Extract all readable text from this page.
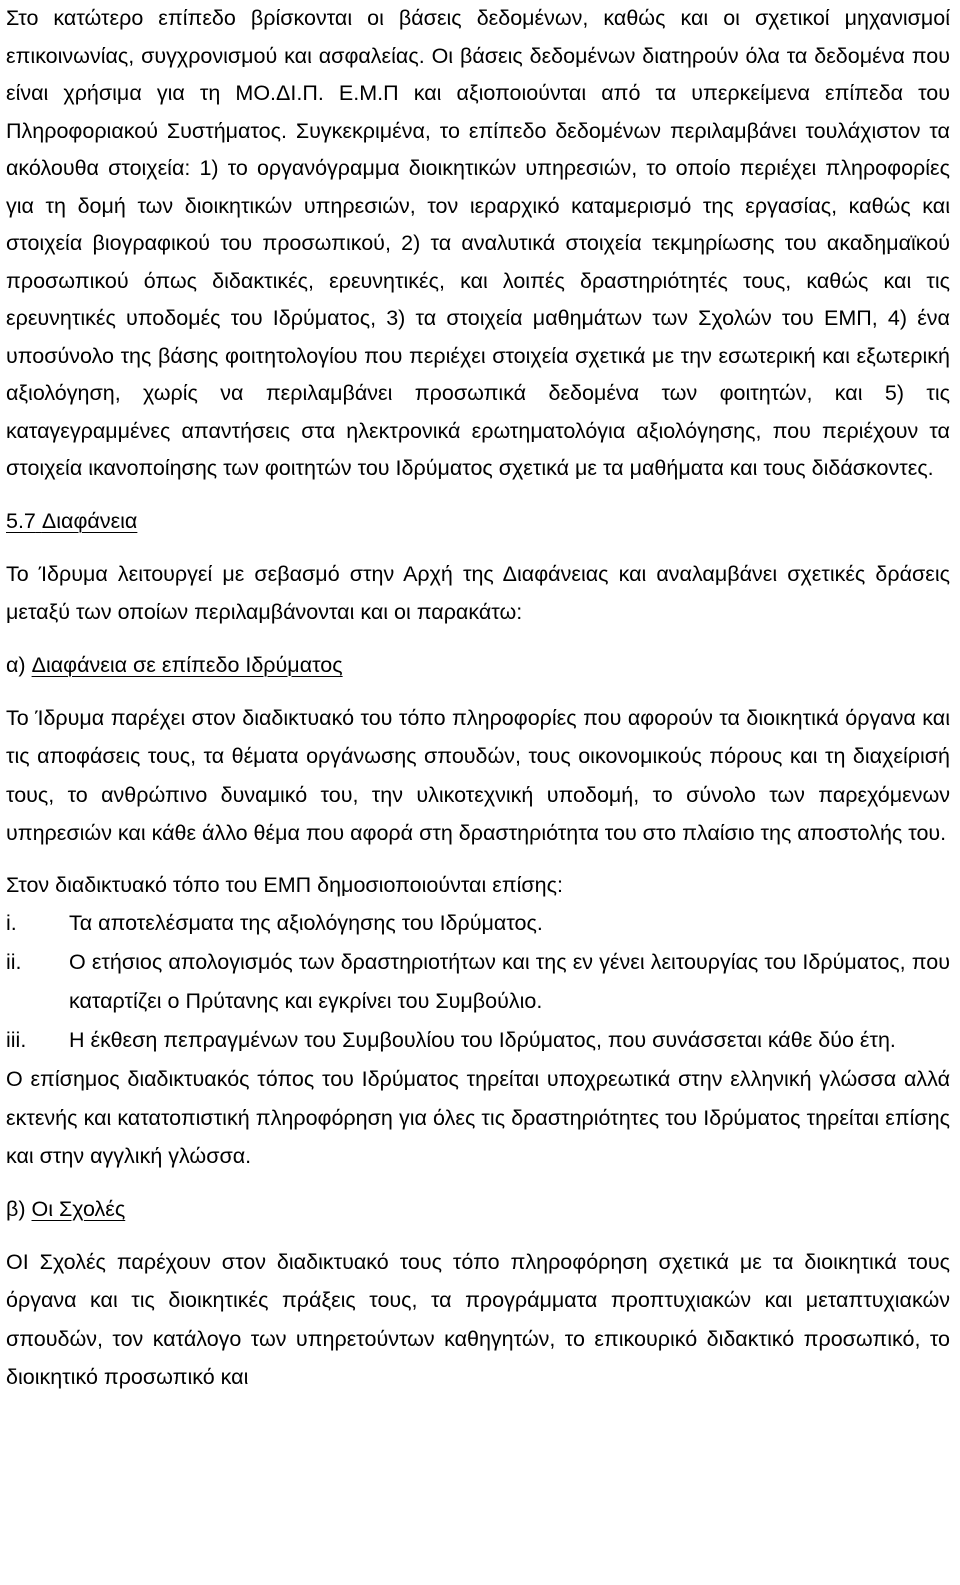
Στο κατώτερο επίπεδο βρίσκονται οι βάσεις δεδομένων, καθώς και οι σχετικοί μηχανισμοί επικοινωνίας, συγχρονισμού και ασφαλείας. Οι βάσεις δεδομένων διατηρούν όλα τα δεδομένα που είναι χρήσιμα για τη ΜΟ.ΔΙ.Π. Ε.Μ.Π και αξιοποιούνται από τα υπερκείμενα επίπεδα του Πληροφοριακού Συστήματος. Συγκεκριμένα, το επίπεδο δεδομένων περιλαμβάνει τουλάχιστον τα ακόλουθα στοιχεία: 1) το οργανόγραμμα διοικητικών υπηρεσιών, το οποίο περιέχει πληροφορίες για τη δομή των διοικητικών υπηρεσιών, τον ιεραρχικό καταμερισμό της εργασίας, καθώς και στοιχεία βιογραφικού του προσωπικού, 2) τα αναλυτικά στοιχεία τεκμηρίωσης του ακαδημαϊκού προσωπικού όπως διδακτικές, ερευνητικές, και λοιπές δραστηριότητές τους, καθώς και τις ερευνητικές υποδομές του Ιδρύματος, 3) τα στοιχεία μαθημάτων των Σχολών του ΕΜΠ, 4) ένα υποσύνολο της βάσης φοιτητολογίου που περιέχει στοιχεία σχετικά με την εσωτερική και εξωτερική αξιολόγηση, χωρίς να περιλαμβάνει προσωπικά δεδομένα των φοιτητών, και 5) τις καταγεγραμμένες απαντήσεις στα ηλεκτρονικά ερωτηματολόγια αξιολόγησης, που περιέχουν τα στοιχεία ικανοποίησης των φοιτητών του Ιδρύματος σχετικά με τα μαθήματα και τους διδάσκοντες.

5.7 Διαφάνεια

Το Ίδρυμα λειτουργεί με σεβασμό στην Αρχή της Διαφάνειας και αναλαμβάνει σχετικές δράσεις μεταξύ των οποίων περιλαμβάνονται και οι παρακάτω:

α) Διαφάνεια σε επίπεδο Ιδρύματος

Το Ίδρυμα παρέχει στον διαδικτυακό του τόπο πληροφορίες που αφορούν τα διοικητικά όργανα και τις αποφάσεις τους, τα θέματα οργάνωσης σπουδών, τους οικονομικούς πόρους και τη διαχείρισή τους, το ανθρώπινο δυναμικό του, την υλικοτεχνική υποδομή, το σύνολο των παρεχόμενων υπηρεσιών και κάθε άλλο θέμα που αφορά στη δραστηριότητα του στο πλαίσιο της αποστολής του.

Στον διαδικτυακό τόπο του ΕΜΠ δημοσιοποιούνται επίσης:

i.	Τα αποτελέσματα της αξιολόγησης του Ιδρύματος.
ii.	Ο ετήσιος απολογισμός των δραστηριοτήτων και της εν γένει λειτουργίας του Ιδρύματος, που καταρτίζει ο Πρύτανης και εγκρίνει του Συμβούλιο.
iii.	Η έκθεση πεπραγμένων του Συμβουλίου του Ιδρύματος, που συνάσσεται κάθε δύο έτη.

Ο επίσημος διαδικτυακός τόπος του Ιδρύματος τηρείται υποχρεωτικά στην ελληνική γλώσσα αλλά εκτενής και κατατοπιστική πληροφόρηση για όλες τις δραστηριότητες του Ιδρύματος τηρείται επίσης και στην αγγλική γλώσσα.

β) Οι Σχολές

ΟΙ Σχολές παρέχουν στον διαδικτυακό τους τόπο πληροφόρηση σχετικά με τα διοικητικά τους όργανα και τις διοικητικές πράξεις τους, τα προγράμματα προπτυχιακών και μεταπτυχιακών σπουδών, τον κατάλογο των υπηρετούντων καθηγητών, το επικουρικό διδακτικό προσωπικό, το διοικητικό προσωπικό και
